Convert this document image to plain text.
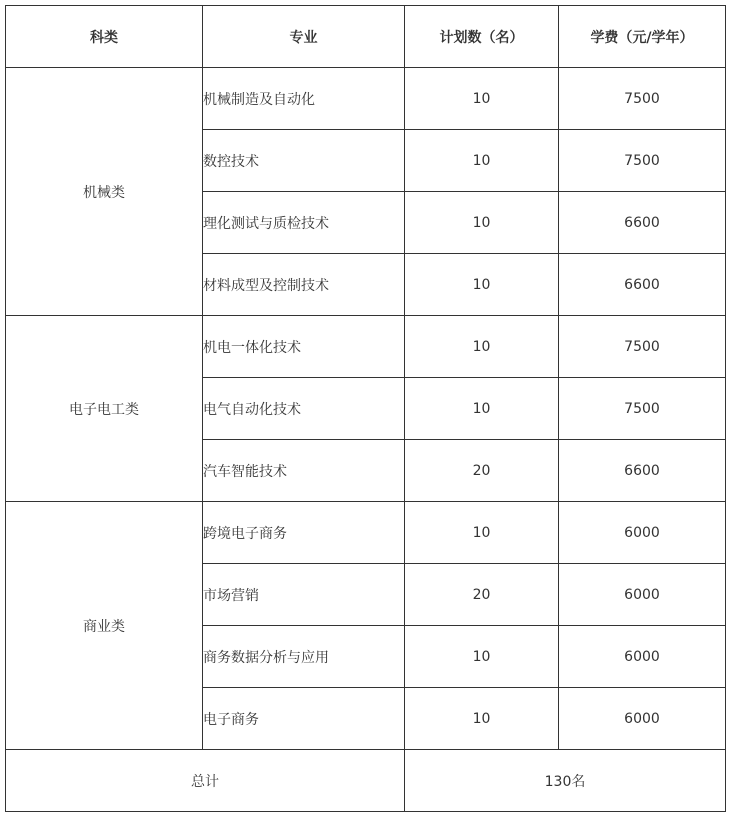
科类	专业	计划数（名）	学费（元/学年）
机械类	机械制造及自动化	10	7500
	数控技术	10	7500
	理化测试与质检技术	10	6600
	材料成型及控制技术	10	6600
电子电工类	机电一体化技术	10	7500
	电气自动化技术	10	7500
	汽车智能技术	20	6600
商业类	跨境电子商务	10	6000
	市场营销	20	6000
	商务数据分析与应用	10	6000
	电子商务	10	6000
总计		130名	
